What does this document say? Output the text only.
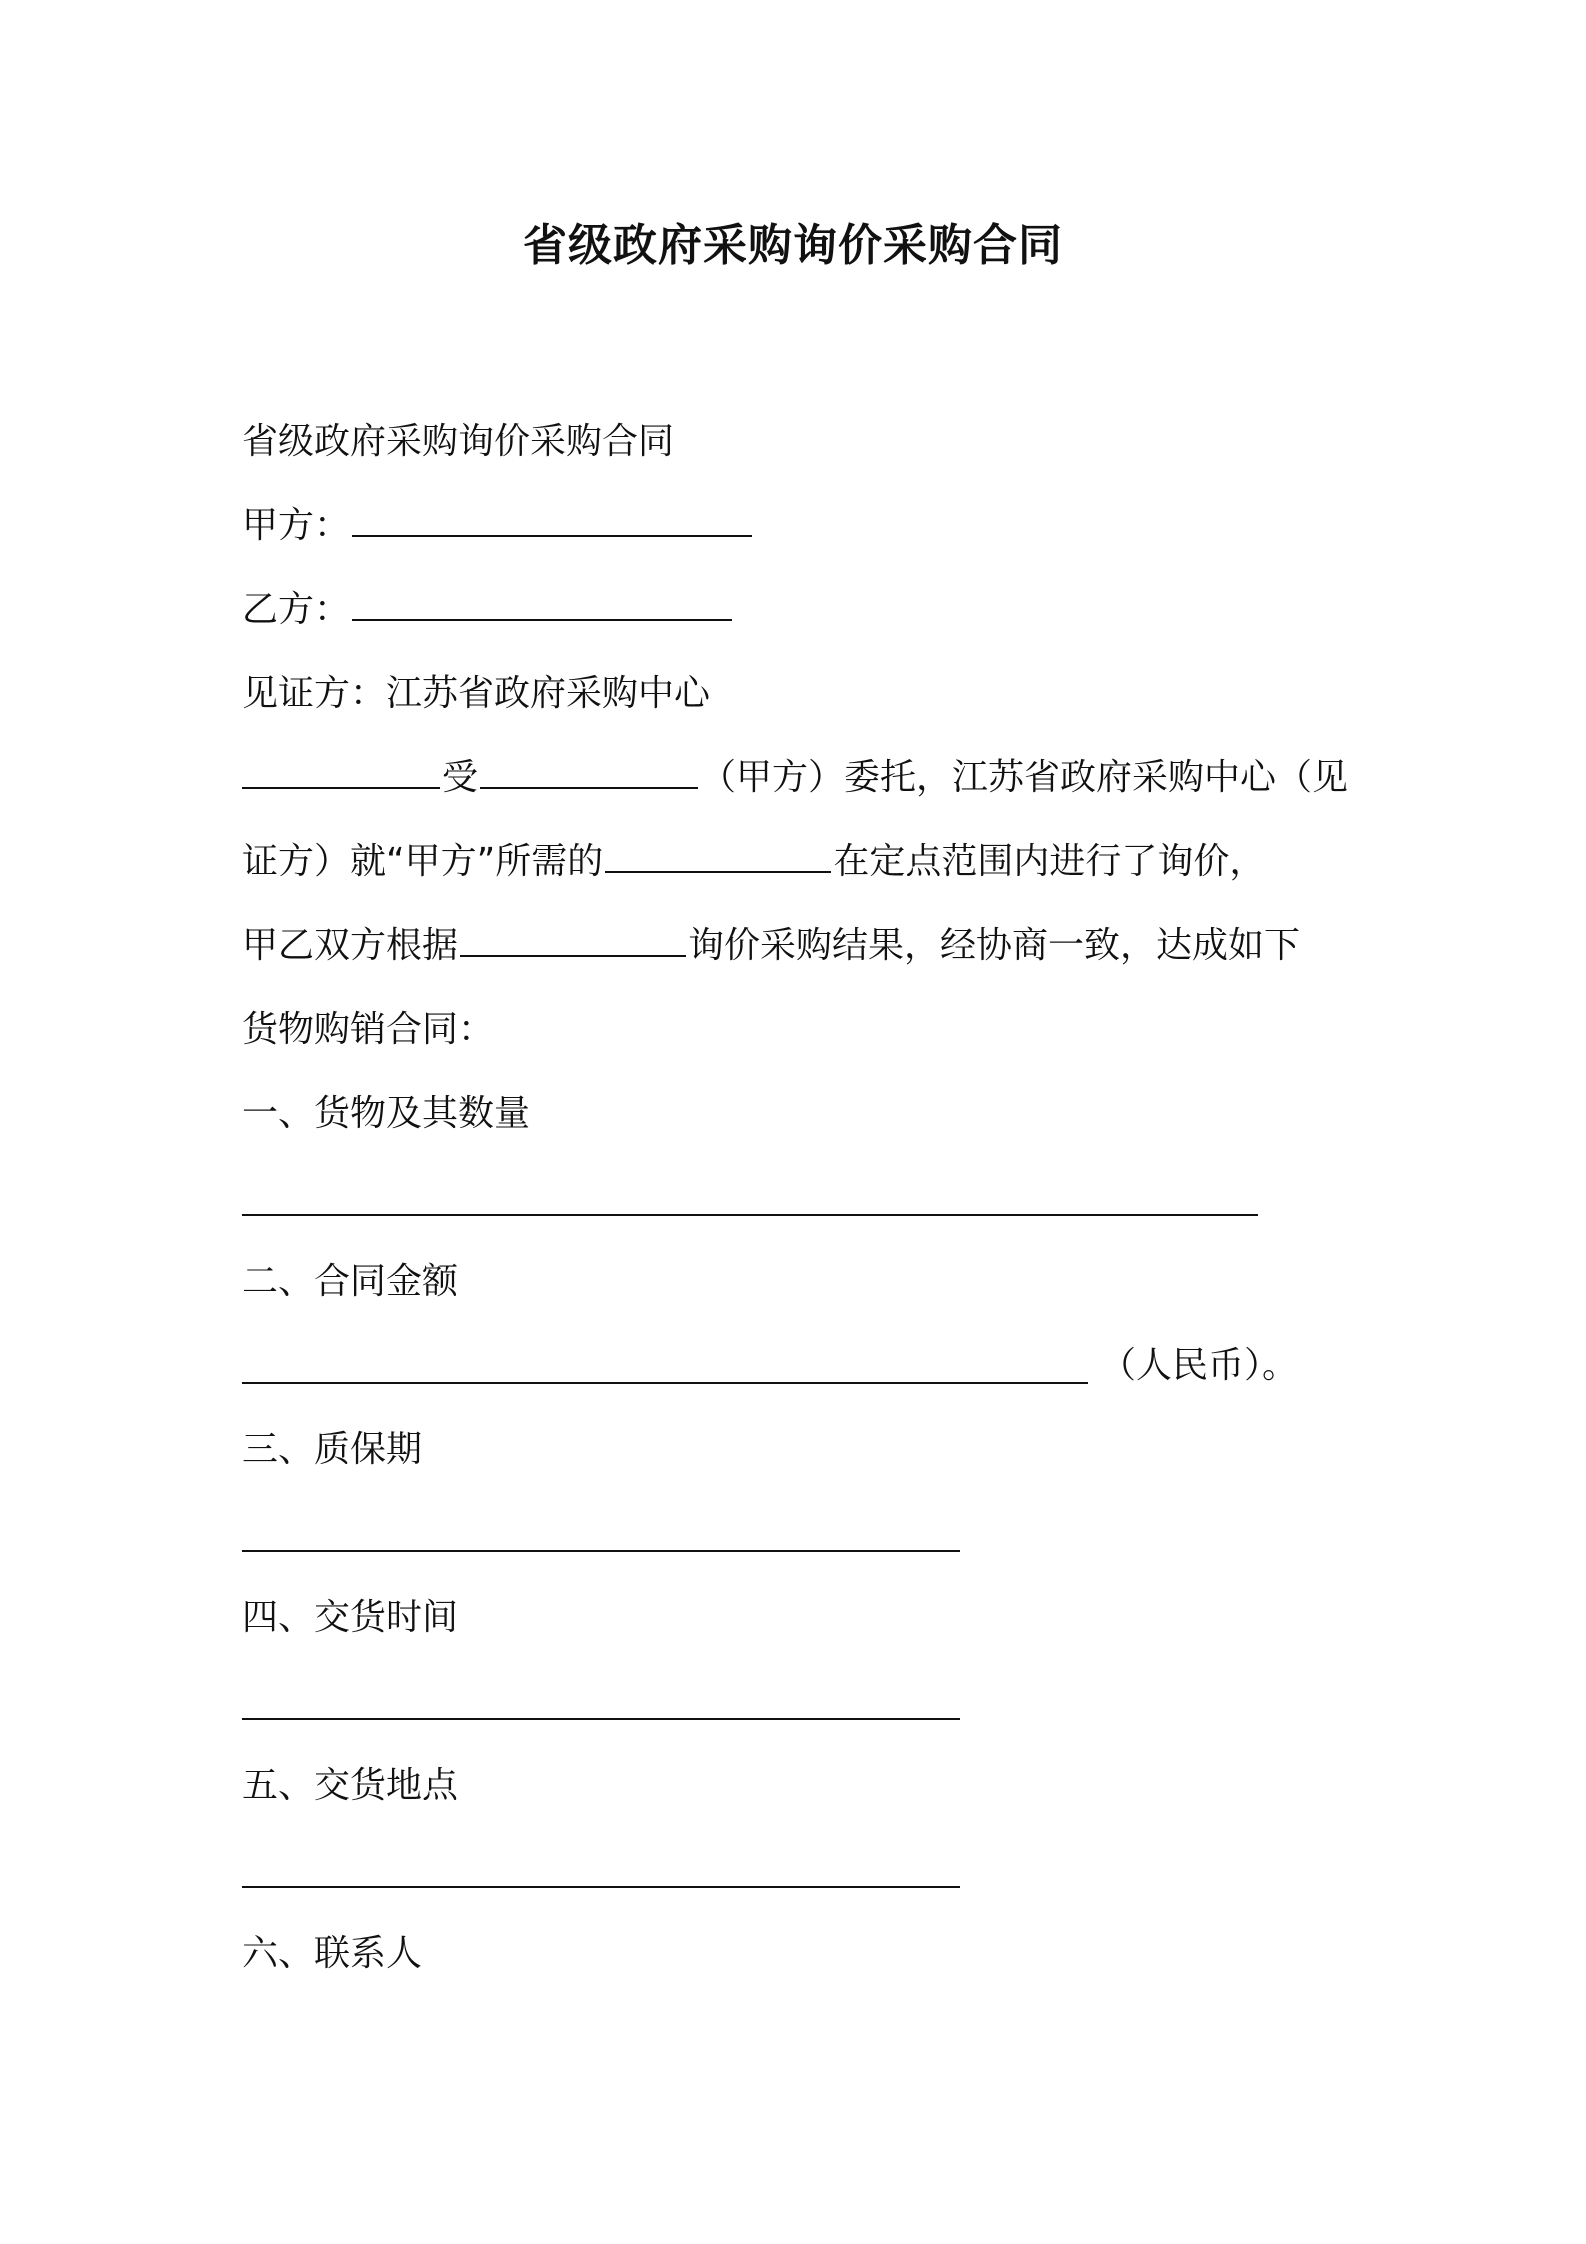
省级政府采购询价采购合同
省级政府采购询价采购合同
甲方：
乙方：
见证方：江苏省政府采购中心
受	（甲方）委托，江苏省政府采购中心（见
证方）就“甲方”所需的	在定点范围内进行了询价，
甲乙双方根据	询价采购结果，经协商一致，达成如下
货物购销合同：
一、货物及其数量
二、合同金额
（人民币）。
三、质保期
四、交货时间
五、交货地点
六、联系人
